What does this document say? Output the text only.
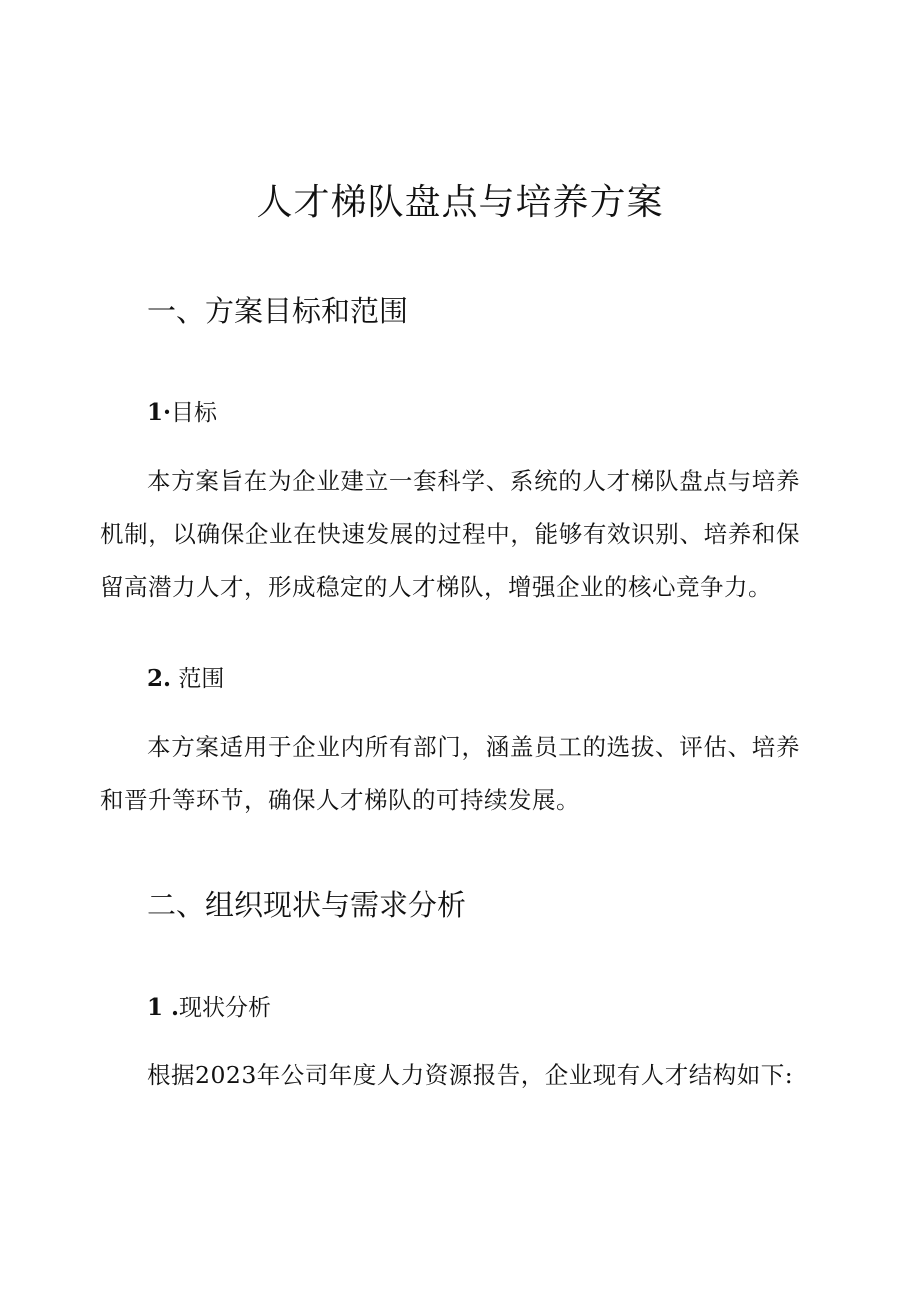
人才梯队盘点与培养方案
一、方案目标和范围
1·目标

本方案旨在为企业建立一套科学、系统的人才梯队盘点与培养机制，以确保企业在快速发展的过程中，能够有效识别、培养和保留高潜力人才，形成稳定的人才梯队，增强企业的核心竞争力。

2. 范围

本方案适用于企业内所有部门，涵盖员工的选拔、评估、培养和晋升等环节，确保人才梯队的可持续发展。

二、组织现状与需求分析
1 .现状分析

根据2023年公司年度人力资源报告，企业现有人才结构如下:
